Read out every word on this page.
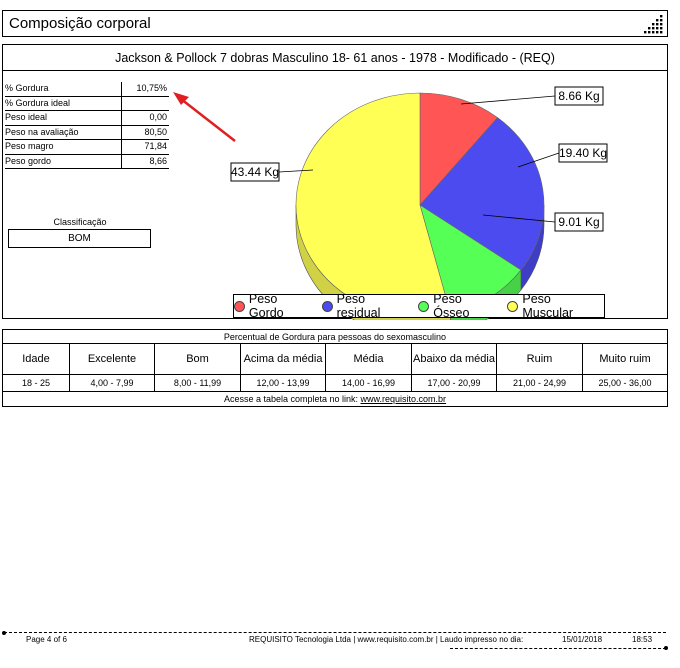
Composição corporal
Jackson & Pollock 7 dobras Masculino 18- 61 anos - 1978 - Modificado - (REQ)
% Gordura	10,75%
% Gordura ideal
Peso ideal	0,00
Peso na avaliação	80,50
Peso magro	71,84
Peso gordo	8,66
Classificação
BOM
8.66 Kg
19.40 Kg
9.01 Kg
43.44 Kg
Peso Gordo
Peso residual
Peso Ósseo
Peso Muscular
Percentual de Gordura para pessoas do sexomasculino
Idade	Excelente	Bom	Acima da média	Média	Abaixo da média	Ruim	Muito ruim
18 - 25	4,00 - 7,99	8,00 - 11,99	12,00 - 13,99	14,00 - 16,99	17,00 - 20,99	21,00 - 24,99	25,00 - 36,00
Acesse a tabela completa no link: www.requisito.com.br
Page 4 of 6	REQUISITO Tecnologia Ltda | www.requisito.com.br | Laudo impresso no dia:	15/01/2018	18:53
